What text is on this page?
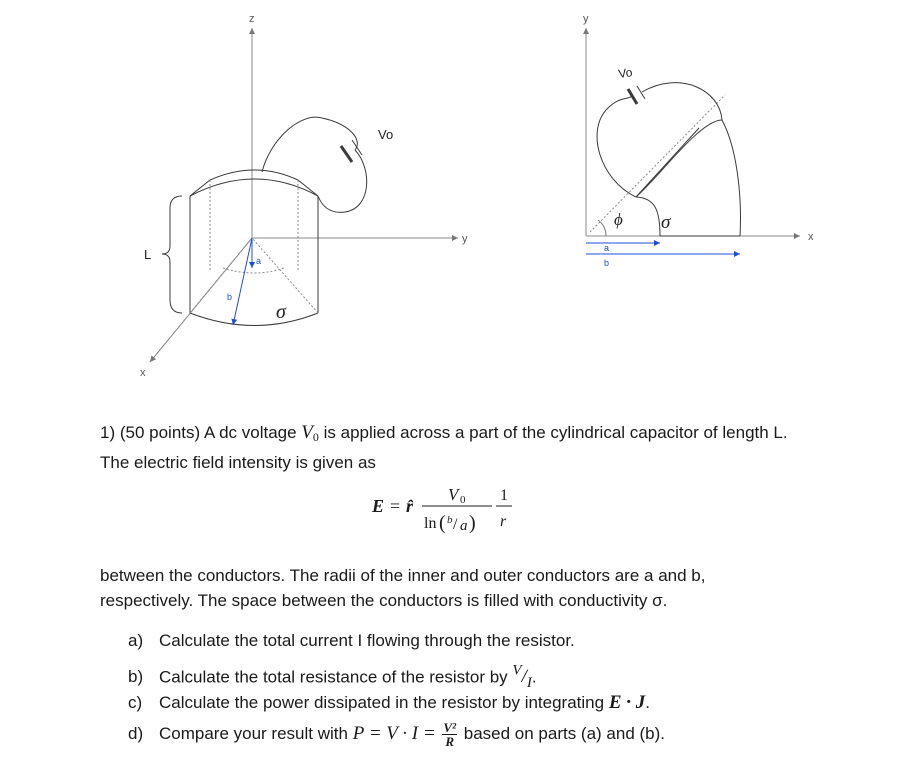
z
y
x
L	a
b
σ
Vo
y
x
Vo
ϕ σ
a
b

1) (50 points) A dc voltage $V_0$ is applied across a part of the cylindrical capacitor of length L.
The electric field intensity is given as

E = r̂
V 0
ln ( b / a )
1
r

between the conductors. The radii of the inner and outer conductors are a and b,
respectively. The space between the conductors is filled with conductivity σ.

a) Calculate the total current I flowing through the resistor.
b) Calculate the total resistance of the resistor by $^V/_I$.
c) Calculate the power dissipated in the resistor by integrating E · J.
d) Compare your result with $P = V \cdot I = \frac{\text{V²}}{R}$ based on parts (a) and (b).
